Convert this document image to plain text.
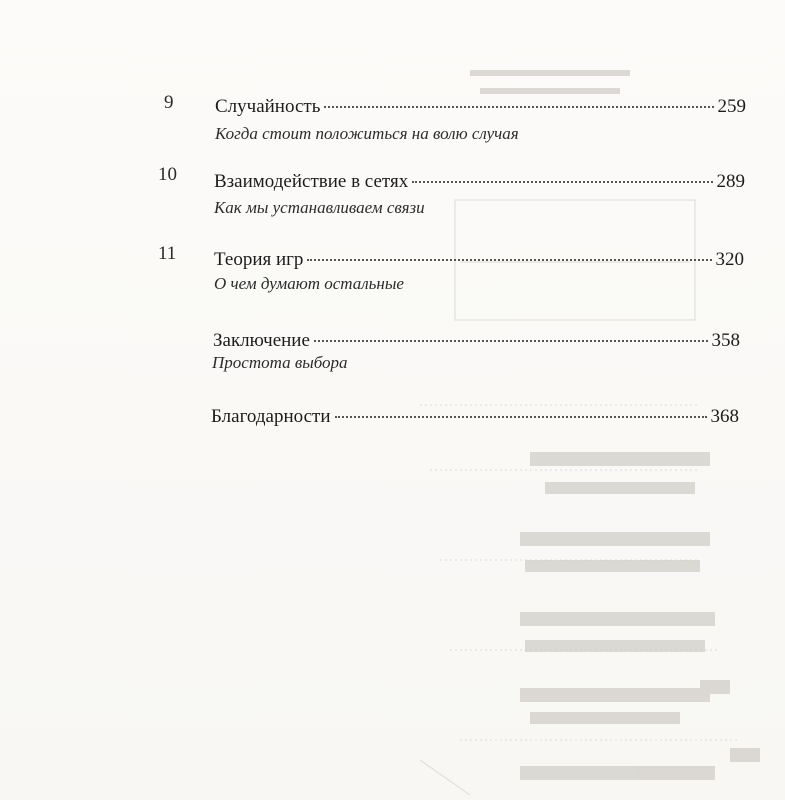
9 Случайность	259
Когда стоит положиться на волю случая
10 Взаимодействие в сетях	289
Как мы устанавливаем связи
11 Теория игр	320
О чем думают остальные
Заключение	358
Простота выбора
Благодарности	368
